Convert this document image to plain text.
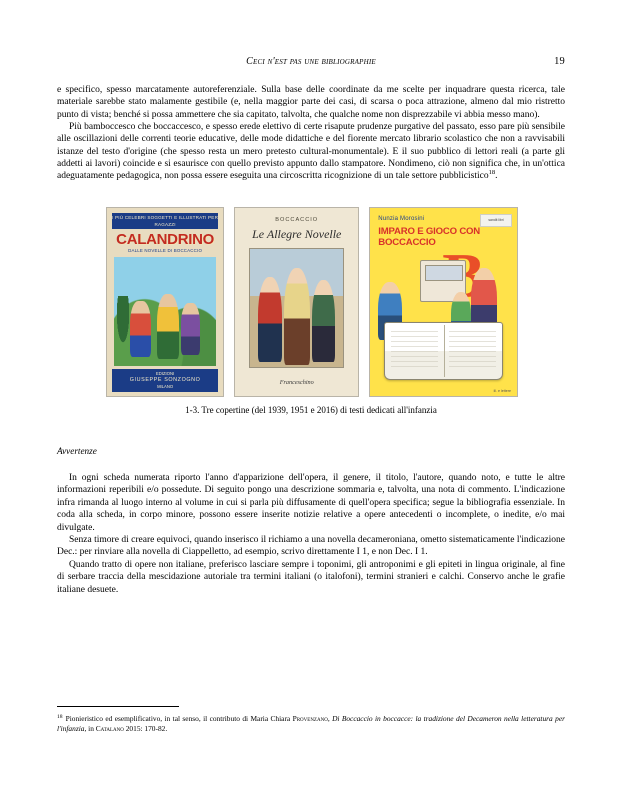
Ceci n'est pas une bibliographie	19

e specifico, spesso marcatamente autoreferenziale. Sulla base delle coordinate da me scelte per inquadrare questa ricerca, tale materiale sarebbe stato malamente gestibile (e, nella maggior parte dei casi, di scarsa o poca attrazione, almeno dal mio ristretto punto di vista; benché si possa ammettere che sia capitato, talvolta, che qualche nome non disprezzabile vi abbia messo mano).

Più bamboccesco che boccaccesco, e spesso erede elettivo di certe risapute prudenze purgative del passato, esso pare più sensibile alle oscillazioni delle correnti teorie educative, delle mode didattiche e del fiorente mercato librario scolastico che non a ravvisabili istanze del testo d'origine (che spesso resta un mero pretesto cultural-monumentale). E il suo pubblico di lettori reali (a parte gli addetti ai lavori) coincide e si esaurisce con quello previsto appunto dallo stampatore. Nondimeno, ciò non significa che, in un'ottica adeguatamente pedagogica, non possa essere eseguita una circoscritta ricognizione di un tale settore pubblicistico$^{18}$.

I PIÙ CELEBRI SOGGETTI E ILLUSTRATI PER RAGAZZI
CALANDRINO
DALLE NOVELLE DI BOCCACCIO
EDIZIONI
GIUSEPPE SONZOGNO
MILANO
BOCCACCIO
Le Allegre Novelle
Franceschino
sandit libri
Nunzia Morosini
IMPARO E GIOCO CON BOCCACCIO
ill. e lettere
1-3. Tre copertine (del 1939, 1951 e 2016) di testi dedicati all'infanzia
Avvertenze

In ogni scheda numerata riporto l'anno d'apparizione dell'opera, il genere, il titolo, l'autore, quando noto, e tutte le altre informazioni reperibili e/o possedute. Di seguito pongo una descrizione sommaria e, talvolta, una nota di commento. L'indicazione infra rimanda al luogo interno al volume in cui si parla più diffusamente di quell'opera specifica; segue la bibliografia essenziale. In coda alla scheda, in corpo minore, possono essere inserite notizie relative a opere antecedenti o incomplete, o inedite, e/o mai divulgate.

Senza timore di creare equivoci, quando inserisco il richiamo a una novella decameroniana, ometto sistematicamente l'indicazione Dec.: per rinviare alla novella di Ciappelletto, ad esempio, scrivo direttamente I 1, e non Dec. I 1.

Quando tratto di opere non italiane, preferisco lasciare sempre i toponimi, gli antroponimi e gli epiteti in lingua originale, al fine di serbare traccia della mescidazione autoriale tra termini italiani (o italofoni), termini stranieri e calchi. Conservo anche le grafie italiane desuete.

$^{18}$ Pionieristico ed esemplificativo, in tal senso, il contributo di Maria Chiara Provenzano, Di Boccaccio in boccacce: la tradizione del Decameron nella letteratura per l'infanzia, in Catalano 2015: 170-82.
